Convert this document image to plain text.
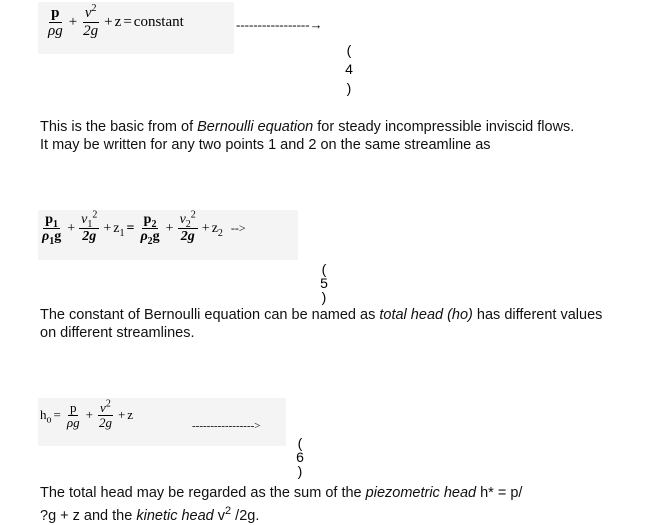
$\frac{p}{\rho g} + \frac{v^2}{2g} + z$ = constant	-----------------→
(
4
)
This is the basic from of Bernoulli equation for steady incompressible inviscid flows.
It may be written for any two points 1 and 2 on the same streamline as
$\frac{p_1}{\rho_1g} + \frac{v_1^2}{2g} + z_1 = \frac{p_2}{\rho_2g} + \frac{v_2^2}{2g} + z_2$ -->
(
5
)
The constant of Bernoulli equation can be named as total head (ho) has different values
on different streamlines.
$h_o = \frac{p}{\rho g} + \frac{v^2}{2g} + z$
----------------->
(
6
)
The total head may be regarded as the sum of the piezometric head h* = p/
?g + z and the kinetic head $v^2$ /2g.
